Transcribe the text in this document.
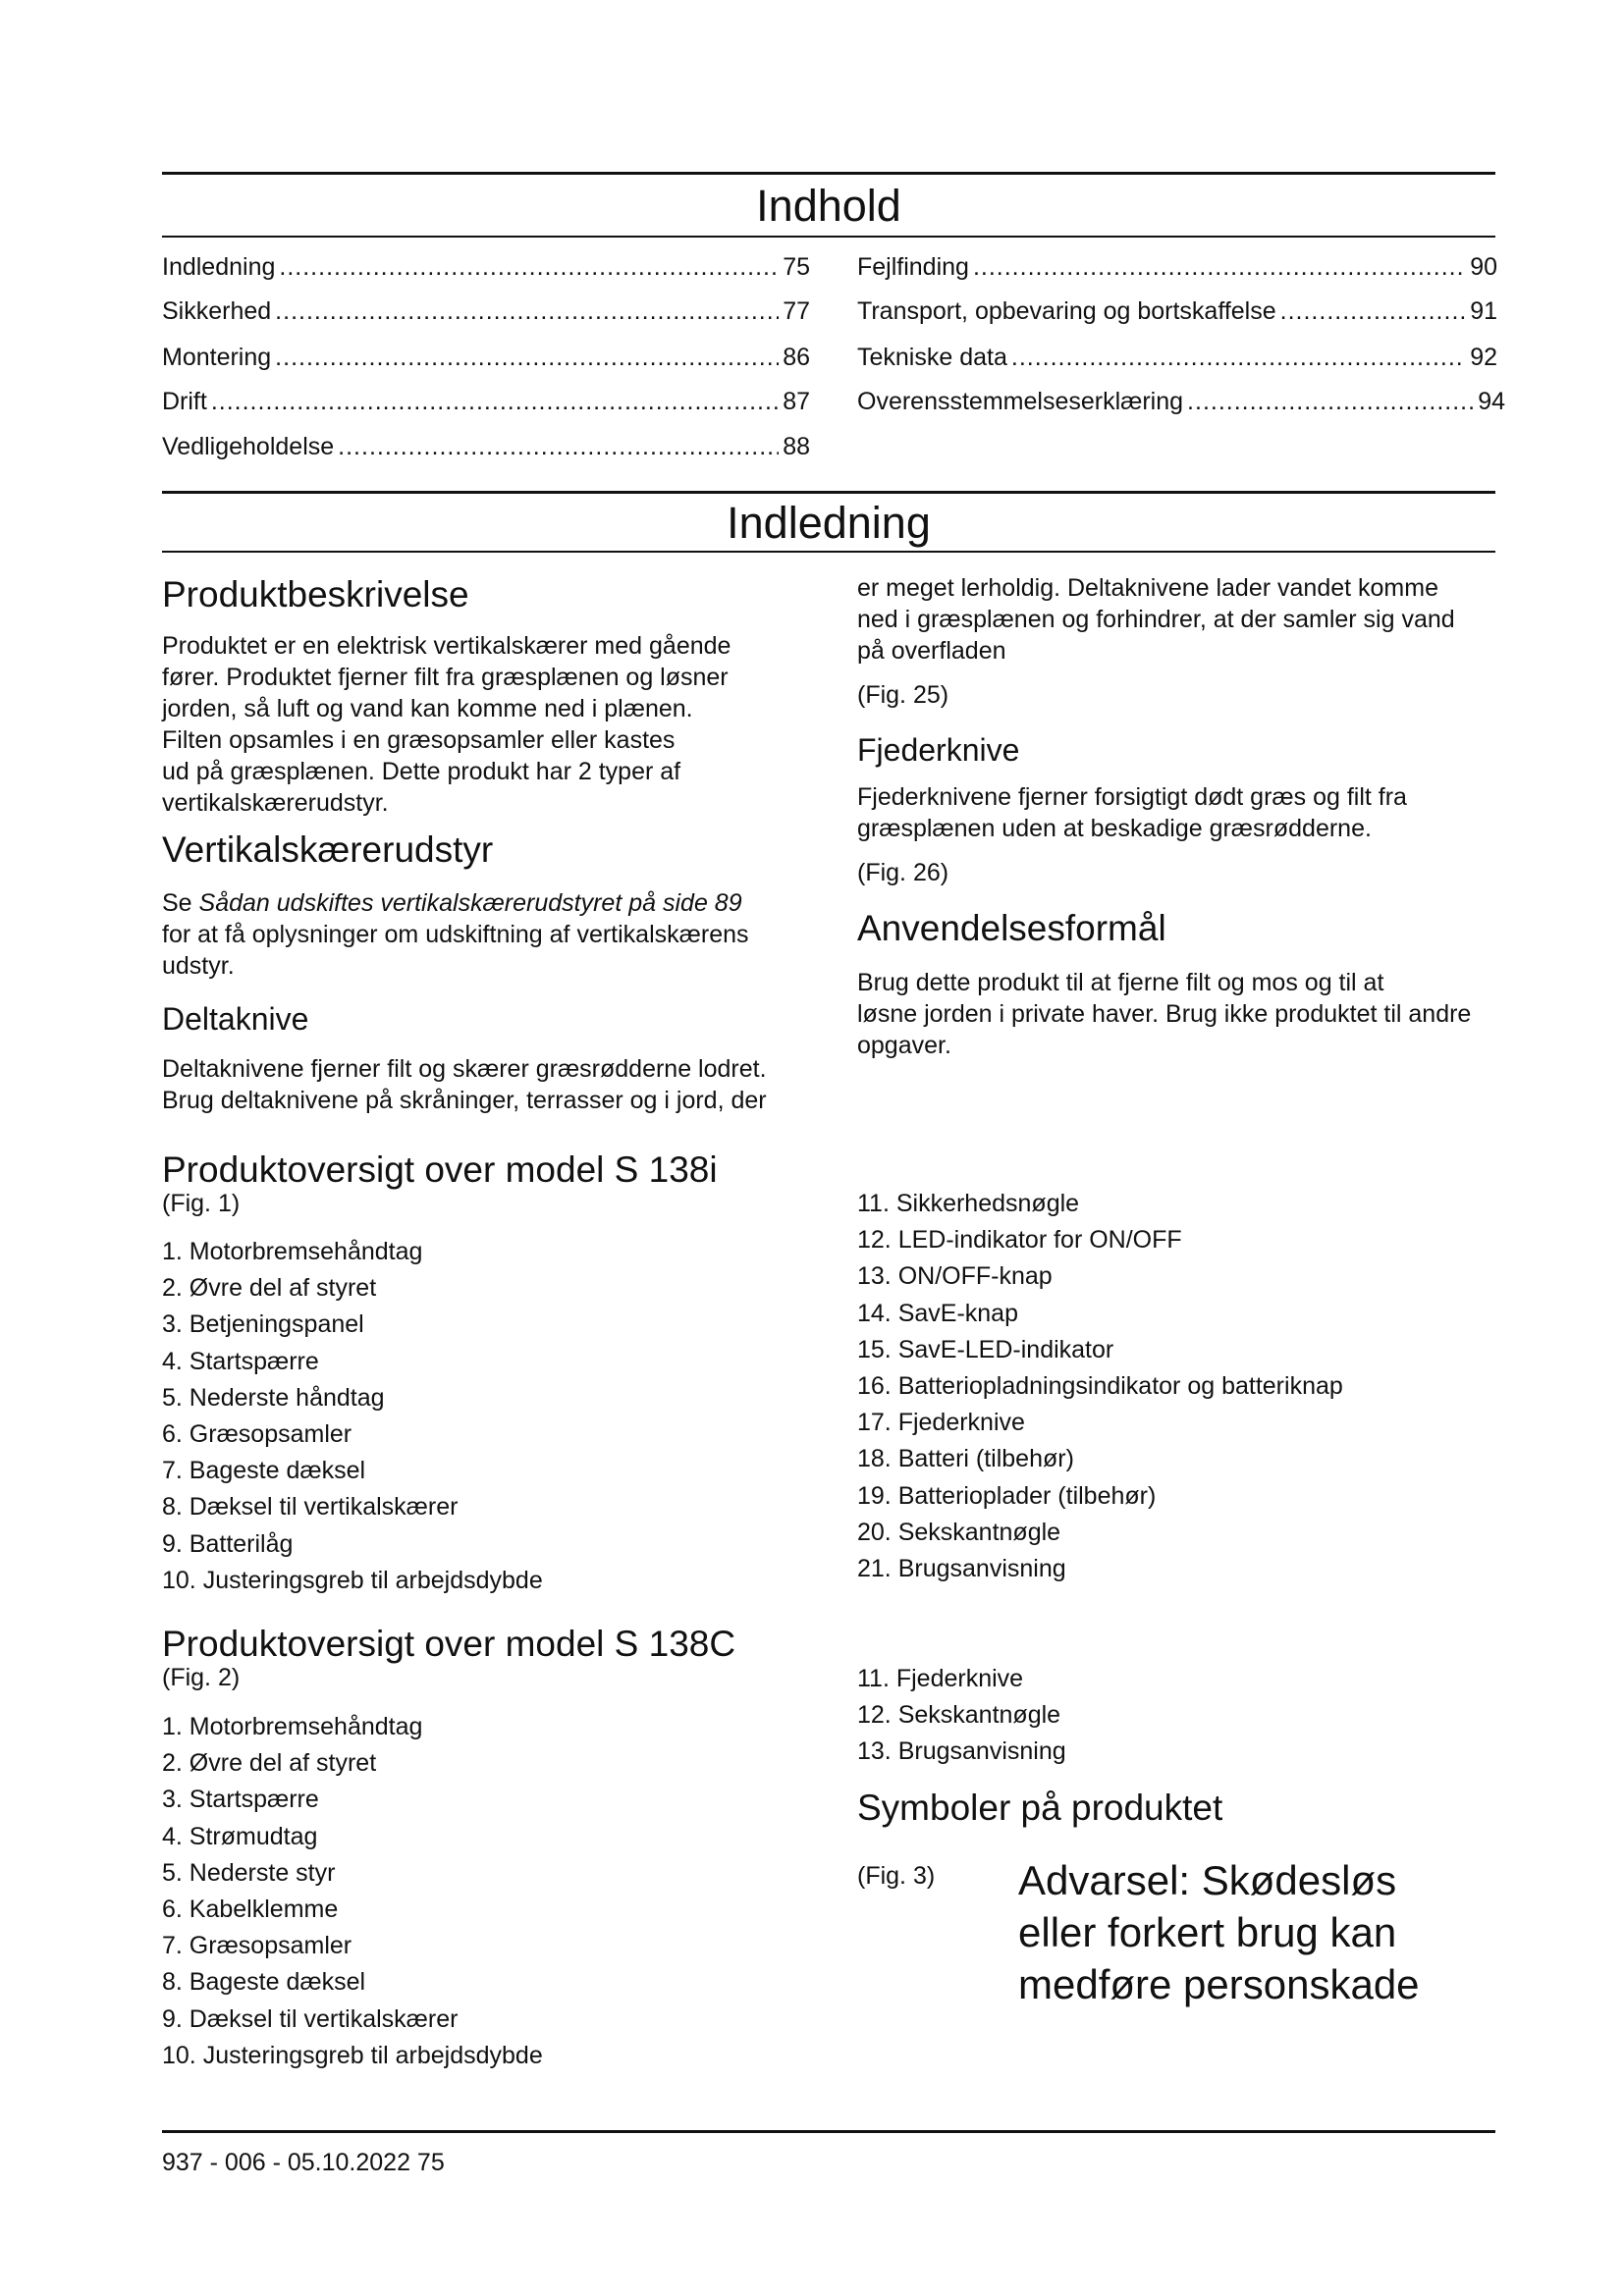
Indhold
Indledning .....	75
Sikkerhed .....	77
Montering .....	86
Drift .....	87
Vedligeholdelse .....	88
Fejlfinding .....	90
Transport, opbevaring og bortskaffelse .....	91
Tekniske data .....	92
Overensstemmelseserklæring .....	94
Indledning
Produktbeskrivelse
Produktet er en elektrisk vertikalskærer med gående
fører. Produktet fjerner filt fra græsplænen og løsner
jorden, så luft og vand kan komme ned i plænen.
Filten opsamles i en græsopsamler eller kastes
ud på græsplænen. Dette produkt har 2 typer af
vertikalskærerudstyr.
Vertikalskærerudstyr
Se Sådan udskiftes vertikalskærerudstyret på side 89
for at få oplysninger om udskiftning af vertikalskærens
udstyr.
Deltaknive
Deltaknivene fjerner filt og skærer græsrødderne lodret.
Brug deltaknivene på skråninger, terrasser og i jord, der
er meget lerholdig. Deltaknivene lader vandet komme
ned i græsplænen og forhindrer, at der samler sig vand
på overfladen
(Fig. 25)
Fjederknive
Fjederknivene fjerner forsigtigt dødt græs og filt fra
græsplænen uden at beskadige græsrødderne.
(Fig. 26)
Anvendelsesformål
Brug dette produkt til at fjerne filt og mos og til at
løsne jorden i private haver. Brug ikke produktet til andre
opgaver.
Produktoversigt over model S 138i
(Fig. 1)
1. Motorbremsehåndtag
2. Øvre del af styret
3. Betjeningspanel
4. Startspærre
5. Nederste håndtag
6. Græsopsamler
7. Bageste dæksel
8. Dæksel til vertikalskærer
9. Batterilåg
10. Justeringsgreb til arbejdsdybde
11. Sikkerhedsnøgle
12. LED-indikator for ON/OFF
13. ON/OFF-knap
14. SavE-knap
15. SavE-LED-indikator
16. Batteriopladningsindikator og batteriknap
17. Fjederknive
18. Batteri (tilbehør)
19. Batterioplader (tilbehør)
20. Sekskantnøgle
21. Brugsanvisning
Produktoversigt over model S 138C
(Fig. 2)
1. Motorbremsehåndtag
2. Øvre del af styret
3. Startspærre
4. Strømudtag
5. Nederste styr
6. Kabelklemme
7. Græsopsamler
8. Bageste dæksel
9. Dæksel til vertikalskærer
10. Justeringsgreb til arbejdsdybde
11. Fjederknive
12. Sekskantnøgle
13. Brugsanvisning
Symboler på produktet
(Fig. 3) Advarsel: Skødesløs
eller forkert brug kan
medføre personskade
937 - 006 - 05.10.2022 75
